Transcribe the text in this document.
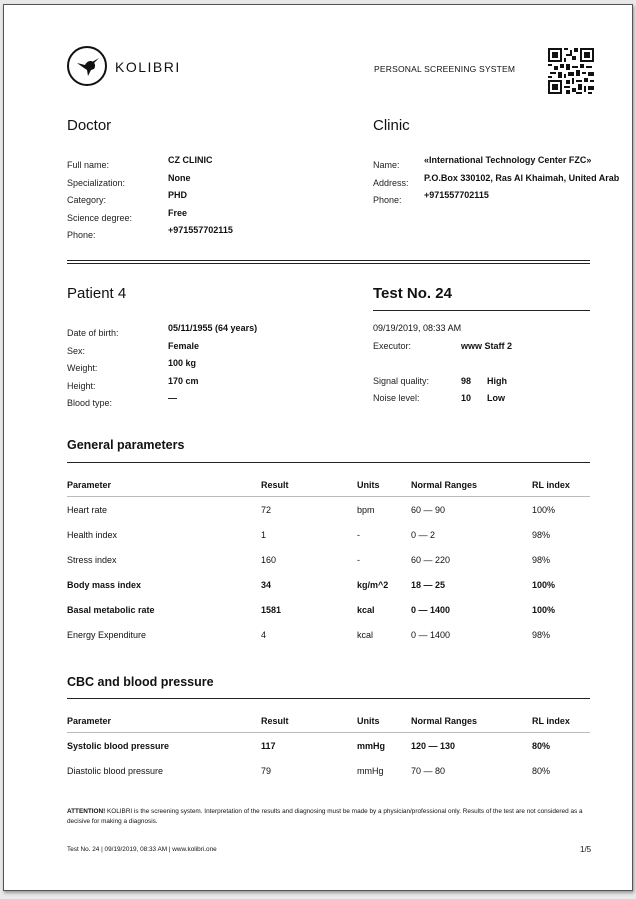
KOLIBRI	PERSONAL SCREENING SYSTEM
Doctor
Full name:	CZ CLINIC
Specialization:	None
Category:	PHD
Science degree:	Free
Phone:	+971557702115
Clinic
Name:	«International Technology Center FZC»
Address: P.O.Box 330102, Ras Al Khaimah, United Arab
Phone: +971557702115
Patient 4
Date of birth:	05/11/1955 (64 years)
Sex:	Female
Weight:	100 kg
Height:	170 cm
Blood type:	—
Test No. 24
09/19/2019, 08:33 AM
Executor:	www Staff 2
Signal quality:	98 High
Noise level:	10 Low
General parameters
Parameter	Result	Units	Normal Ranges	RL index
Heart rate	72	bpm	60 — 90	100%
Health index	1	-	0 — 2	98%
Stress index	160	-	60 — 220	98%
Body mass index	34	kg/m^2	18 — 25	100%
Basal metabolic rate	1581	kcal	0 — 1400	100%
Energy Expenditure	4	kcal	0 — 1400	98%
CBC and blood pressure
Parameter	Result	Units	Normal Ranges	RL index
Systolic blood pressure	117	mmHg	120 — 130	80%
Diastolic blood pressure	79	mmHg	70 — 80	80%
ATTENTION! KOLIBRI is the screening system. Interpretation of the results and diagnosing must be made by a physician/professional only. Results of the test are not considered as a decisive for making a diagnosis.
Test No. 24 | 09/19/2019, 08:33 AM | www.kolibri.one	1/5
